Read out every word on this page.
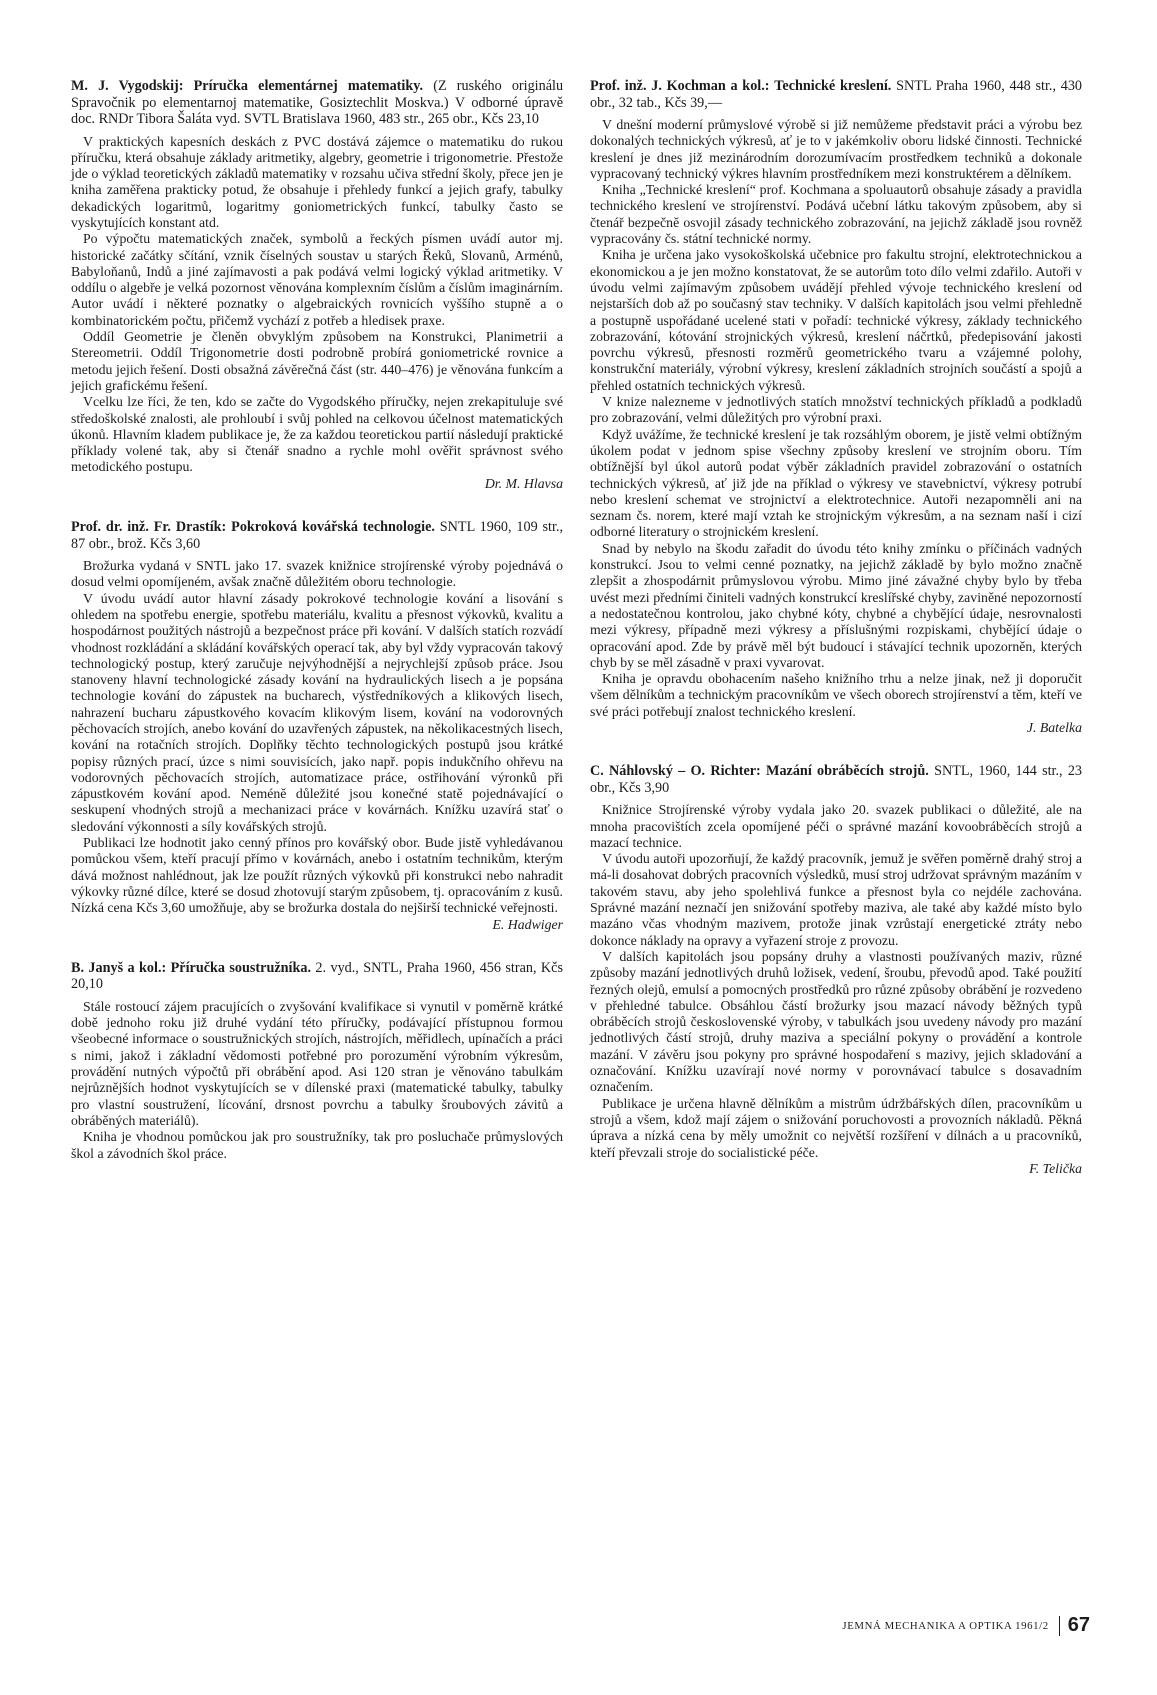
M. J. Vygodskij: Príručka elementárnej matematiky. (Z ruského originálu Spravočnik po elementarnoj matematike, Gosiztechlit Moskva.) V odborné úpravě doc. RNDr Tibora Šaláta vyd. SVTL Bratislava 1960, 483 str., 265 obr., Kčs 23,10

V praktických kapesních deskách z PVC dostává zájemce o matematiku do rukou příručku, která obsahuje základy aritmetiky, algebry, geometrie i trigonometrie. Přestože jde o výklad teoretických základů matematiky v rozsahu učiva střední školy, přece jen je kniha zaměřena prakticky potud, že obsahuje i přehledy funkcí a jejich grafy, tabulky dekadických logaritmů, logaritmy goniometrických funkcí, tabulky často se vyskytujících konstant atd.

Po výpočtu matematických značek, symbolů a řeckých písmen uvádí autor mj. historické začátky sčítání, vznik číselných soustav u starých Řeků, Slovanů, Arménů, Babyloňanů, Indů a jiné zajímavosti a pak podává velmi logický výklad aritmetiky. V oddílu o algebře je velká pozornost věnována komplexním číslům a číslům imaginárním. Autor uvádí i některé poznatky o algebraických rovnicích vyššího stupně a o kombinatorickém počtu, přičemž vychází z potřeb a hledisek praxe.

Oddíl Geometrie je členěn obvyklým způsobem na Konstrukci, Planimetrii a Stereometrii. Oddíl Trigonometrie dosti podrobně probírá goniometrické rovnice a metodu jejich řešení. Dosti obsažná závěrečná část (str. 440–476) je věnována funkcím a jejich grafickému řešení.

Vcelku lze říci, že ten, kdo se začte do Vygodského příručky, nejen zrekapituluje své středoškolské znalosti, ale prohloubí i svůj pohled na celkovou účelnost matematických úkonů. Hlavním kladem publikace je, že za každou teoretickou partií následují praktické příklady volené tak, aby si čtenář snadno a rychle mohl ověřit správnost svého metodického postupu.

Dr. M. Hlavsa

Prof. dr. inž. Fr. Drastík: Pokroková kovářská technologie. SNTL 1960, 109 str., 87 obr., brož. Kčs 3,60

Brožurka vydaná v SNTL jako 17. svazek knižnice strojírenské výroby pojednává o dosud velmi opomíjeném, avšak značně důležitém oboru technologie.

V úvodu uvádí autor hlavní zásady pokrokové technologie kování a lisování s ohledem na spotřebu energie, spotřebu materiálu, kvalitu a přesnost výkovků, kvalitu a hospodárnost použitých nástrojů a bezpečnost práce při kování. V dalších statích rozvádí vhodnost rozkládání a skládání kovářských operací tak, aby byl vždy vypracován takový technologický postup, který zaručuje nejvýhodnější a nejrychlejší způsob práce. Jsou stanoveny hlavní technologické zásady kování na hydraulických lisech a je popsána technologie kování do zápustek na bucharech, výstředníkových a klikových lisech, nahrazení bucharu zápustkového kovacím klikovým lisem, kování na vodorovných pěchovacích strojích, anebo kování do uzavřených zápustek, na několikacestných lisech, kování na rotačních strojích. Doplňky těchto technologických postupů jsou krátké popisy různých prací, úzce s nimi souvisících, jako např. popis indukčního ohřevu na vodorovných pěchovacích strojích, automatizace práce, ostřihování výronků při zápustkovém kování apod. Neméně důležité jsou konečné statě pojednávající o seskupení vhodných strojů a mechanizaci práce v kovárnách. Knížku uzavírá stať o sledování výkonnosti a síly kovářských strojů.

Publikaci lze hodnotit jako cenný přínos pro kovářský obor. Bude jistě vyhledávanou pomůckou všem, kteří pracují přímo v kovárnách, anebo i ostatním technikům, kterým dává možnost nahlédnout, jak lze použít různých výkovků při konstrukci nebo nahradit výkovky různé dílce, které se dosud zhotovují starým způsobem, tj. opracováním z kusů. Nízká cena Kčs 3,60 umožňuje, aby se brožurka dostala do nejširší technické veřejnosti.

E. Hadwiger

B. Janyš a kol.: Příručka soustružníka. 2. vyd., SNTL, Praha 1960, 456 stran, Kčs 20,10

Stále rostoucí zájem pracujících o zvyšování kvalifikace si vynutil v poměrně krátké době jednoho roku již druhé vydání této příručky, podávající přístupnou formou všeobecné informace o soustružnických strojích, nástrojích, měřidlech, upínačích a práci s nimi, jakož i základní vědomosti potřebné pro porozumění výrobním výkresům, provádění nutných výpočtů při obrábění apod. Asi 120 stran je věnováno tabulkám nejrůznějších hodnot vyskytujících se v dílenské praxi (matematické tabulky, tabulky pro vlastní soustružení, lícování, drsnost povrchu a tabulky šroubových závitů a obráběných materiálů).

Kniha je vhodnou pomůckou jak pro soustružníky, tak pro posluchače průmyslových škol a závodních škol práce.

Prof. inž. J. Kochman a kol.: Technické kreslení. SNTL Praha 1960, 448 str., 430 obr., 32 tab., Kčs 39,—

V dnešní moderní průmyslové výrobě si již nemůžeme představit práci a výrobu bez dokonalých technických výkresů, ať je to v jakémkoliv oboru lidské činnosti. Technické kreslení je dnes již mezinárodním dorozumívacím prostředkem techniků a dokonale vypracovaný technický výkres hlavním prostředníkem mezi konstruktérem a dělníkem.

Kniha „Technické kreslení“ prof. Kochmana a spoluautorů obsahuje zásady a pravidla technického kreslení ve strojírenství. Podává učební látku takovým způsobem, aby si čtenář bezpečně osvojil zásady technického zobrazování, na jejichž základě jsou rovněž vypracovány čs. státní technické normy.

Kniha je určena jako vysokoškolská učebnice pro fakultu strojní, elektrotechnickou a ekonomickou a je jen možno konstatovat, že se autorům toto dílo velmi zdařilo. Autoři v úvodu velmi zajímavým způsobem uvádějí přehled vývoje technického kreslení od nejstarších dob až po současný stav techniky. V dalších kapitolách jsou velmi přehledně a postupně uspořádané ucelené stati v pořadí: technické výkresy, základy technického zobrazování, kótování strojnických výkresů, kreslení náčrtků, předepisování jakosti povrchu výkresů, přesnosti rozměrů geometrického tvaru a vzájemné polohy, konstrukční materiály, výrobní výkresy, kreslení základních strojních součástí a spojů a přehled ostatních technických výkresů.

V knize nalezneme v jednotlivých statích množství technických příkladů a podkladů pro zobrazování, velmi důležitých pro výrobní praxi.

Když uvážíme, že technické kreslení je tak rozsáhlým oborem, je jistě velmi obtížným úkolem podat v jednom spise všechny způsoby kreslení ve strojním oboru. Tím obtížnější byl úkol autorů podat výběr základních pravidel zobrazování o ostatních technických výkresů, ať již jde na příklad o výkresy ve stavebnictví, výkresy potrubí nebo kreslení schemat ve strojnictví a elektrotechnice. Autoři nezapomněli ani na seznam čs. norem, které mají vztah ke strojnickým výkresům, a na seznam naší i cizí odborné literatury o strojnickém kreslení.

Snad by nebylo na škodu zařadit do úvodu této knihy zmínku o příčinách vadných konstrukcí. Jsou to velmi cenné poznatky, na jejichž základě by bylo možno značně zlepšit a zhospodárnit průmyslovou výrobu. Mimo jiné závažné chyby bylo by třeba uvést mezi předními činiteli vadných konstrukcí kreslířské chyby, zaviněné nepozorností a nedostatečnou kontrolou, jako chybné kóty, chybné a chybějící údaje, nesrovnalosti mezi výkresy, případně mezi výkresy a příslušnými rozpiskami, chybějící údaje o opracování apod. Zde by právě měl být budoucí i stávající technik upozorněn, kterých chyb by se měl zásadně v praxi vyvarovat.

Kniha je opravdu obohacením našeho knižního trhu a nelze jinak, než ji doporučit všem dělníkům a technickým pracovníkům ve všech oborech strojírenství a těm, kteří ve své práci potřebují znalost technického kreslení.

J. Batelka

C. Náhlovský – O. Richter: Mazání obráběcích strojů. SNTL, 1960, 144 str., 23 obr., Kčs 3,90

Knižnice Strojírenské výroby vydala jako 20. svazek publikaci o důležité, ale na mnoha pracovištích zcela opomíjené péči o správné mazání kovoobráběcích strojů a mazací technice.

V úvodu autoři upozorňují, že každý pracovník, jemuž je svěřen poměrně drahý stroj a má-li dosahovat dobrých pracovních výsledků, musí stroj udržovat správným mazáním v takovém stavu, aby jeho spolehlivá funkce a přesnost byla co nejdéle zachována. Správné mazání neznačí jen snižování spotřeby maziva, ale také aby každé místo bylo mazáno včas vhodným mazivem, protože jinak vzrůstají energetické ztráty nebo dokonce náklady na opravy a vyřazení stroje z provozu.

V dalších kapitolách jsou popsány druhy a vlastnosti používaných maziv, různé způsoby mazání jednotlivých druhů ložisek, vedení, šroubu, převodů apod. Také použití řezných olejů, emulsí a pomocných prostředků pro různé způsoby obrábění je rozvedeno v přehledné tabulce. Obsáhlou částí brožurky jsou mazací návody běžných typů obráběcích strojů československé výroby, v tabulkách jsou uvedeny návody pro mazání jednotlivých částí strojů, druhy maziva a speciální pokyny o provádění a kontrole mazání. V závěru jsou pokyny pro správné hospodaření s mazivy, jejich skladování a označování. Knížku uzavírají nové normy v porovnávací tabulce s dosavadním označením.

Publikace je určena hlavně dělníkům a mistrům údržbářských dílen, pracovníkům u strojů a všem, kdož mají zájem o snižování poruchovosti a provozních nákladů. Pěkná úprava a nízká cena by měly umožnit co největší rozšíření v dílnách a u pracovníků, kteří převzali stroje do socialistické péče.

F. Telička

JEMNÁ MECHANIKA A OPTIKA 1961/2 67
